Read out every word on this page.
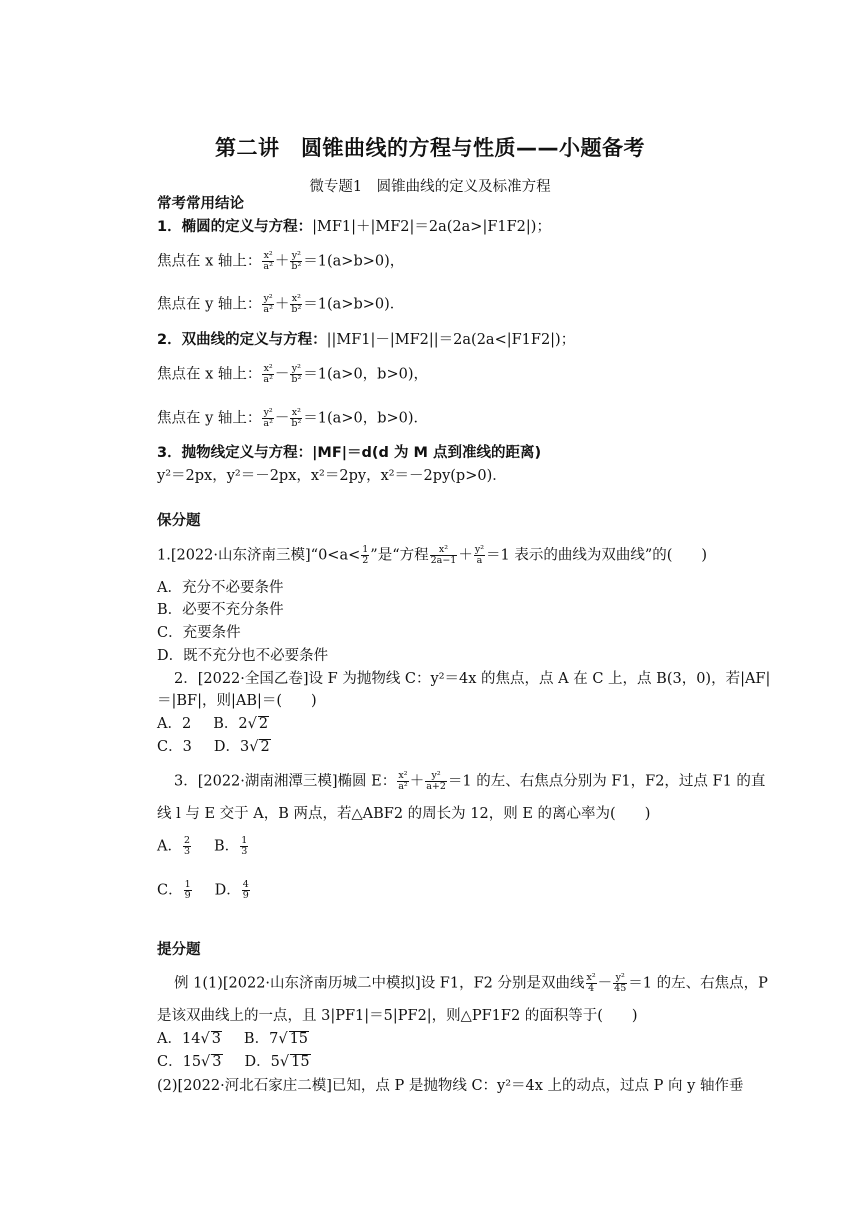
第二讲　圆锥曲线的方程与性质——小题备考
微专题1　圆锥曲线的定义及标准方程
常考常用结论
1．椭圆的定义与方程：|MF1|＋|MF2|＝2a(2a>|F1F2|)；
焦点在 x 轴上： $\frac{\text{x²}}{\text{a²}} + \frac{\text{y²}}{\text{b²}} =1(a>b>0)$，
焦点在 y 轴上： $\frac{\text{y²}}{\text{a²}} + \frac{\text{x²}}{\text{b²}} =1(a>b>0)$．
2．双曲线的定义与方程：||MF1|－|MF2||＝2a(2a<|F1F2|)；
焦点在 x 轴上： $\frac{\text{x²}}{\text{a²}} - \frac{\text{y²}}{\text{b²}} =1(a>0$，b>0)，
焦点在 y 轴上： $\frac{\text{y²}}{\text{a²}} - \frac{\text{x²}}{\text{b²}} =1(a>0$，b>0)．
3．抛物线定义与方程：|MF|＝d(d 为 M 点到准线的距离)
y²＝2px，y²＝－2px，x²＝2py，x²＝－2py(p>0)．
保分题
1.[2022·山东济南三模]“0<a< $\frac{1}{2}$ ”是“方程 $\frac{\text{x²}}{2a-1} + \frac{\text{y²}}{a} =1$ 表示的曲线为双曲线”的(　　)
A．充分不必要条件
B．必要不充分条件
C．充要条件
D．既不充分也不必要条件
2．[2022·全国乙卷]设 F 为抛物线 C：y²＝4x 的焦点，点 A 在 C 上，点 B(3，0)，若|AF|
＝|BF|，则|AB|＝(　　)
A．2 B．2√ 2
C．3 D．3√ 2
3．[2022·湖南湘潭三模]椭圆 E： $\frac{\text{x²}}{\text{a²}} + \frac{\text{y²}}{a+2} =1$ 的左、右焦点分别为 F1，F2，过点 F1 的直
线 l 与 E 交于 A，B 两点，若△ABF2 的周长为 12，则 E 的离心率为(　　)
A． $\frac{2}{3}$ B． $\frac{1}{3}$
C． $\frac{1}{9}$ D． $\frac{4}{9}$
提分题
例 1(1)[2022·山东济南历城二中模拟]设 F1，F2 分别是双曲线 $\frac{\text{x²}}{4} - \frac{\text{y²}}{45} =1$ 的左、右焦点，P
是该双曲线上的一点，且 3|PF1|＝5|PF2|，则△PF1F2 的面积等于(　　)
A．14√ 3 B．7√ 15
C．15√ 3 D．5√ 15
(2)[2022·河北石家庄二模]已知，点 P 是抛物线 C：y²＝4x 上的动点，过点 P 向 y 轴作垂
